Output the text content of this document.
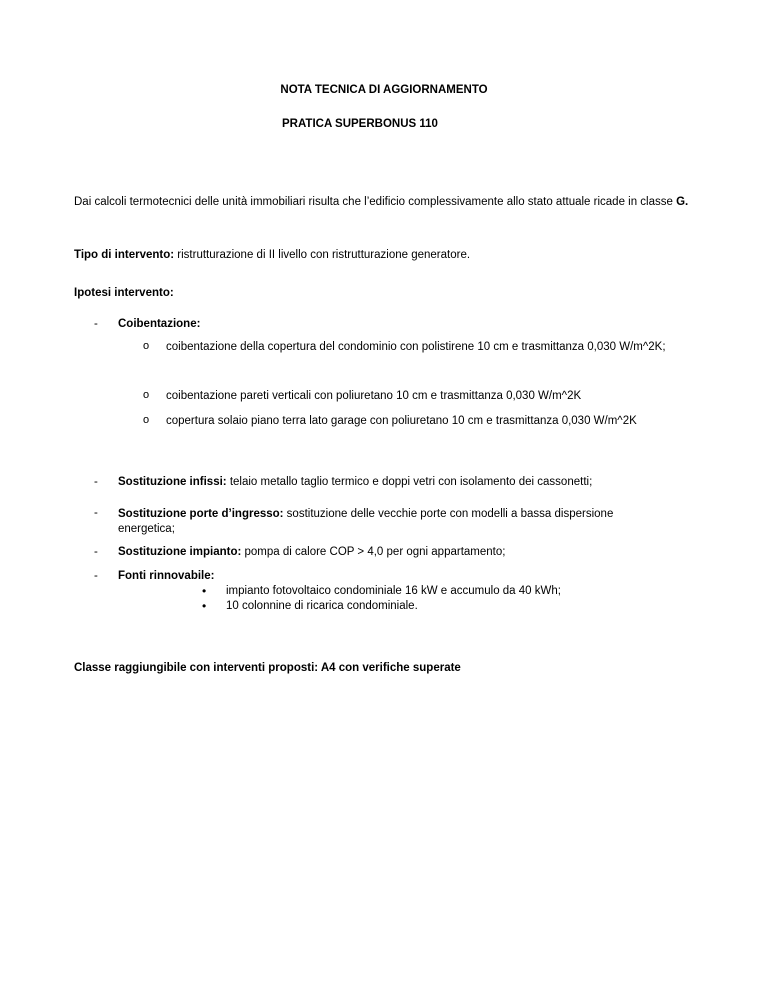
NOTA TECNICA DI AGGIORNAMENTO
PRATICA SUPERBONUS 110
Dai calcoli termotecnici delle unità immobiliari risulta che l’edificio complessivamente allo stato attuale ricade in classe G.
Tipo di intervento: ristrutturazione di II livello con ristrutturazione generatore.
Ipotesi intervento:
- Coibentazione:
o coibentazione della copertura del condominio con polistirene 10 cm e trasmittanza 0,030 W/m^2K;
o coibentazione pareti verticali con poliuretano 10 cm e trasmittanza 0,030 W/m^2K
o copertura solaio piano terra lato garage con poliuretano 10 cm e trasmittanza 0,030 W/m^2K
- Sostituzione infissi: telaio metallo taglio termico e doppi vetri con isolamento dei cassonetti;
- Sostituzione porte d’ingresso: sostituzione delle vecchie porte con modelli a bassa dispersione energetica;
- Sostituzione impianto: pompa di calore COP > 4,0 per ogni appartamento;
- Fonti rinnovabile:
• impianto fotovoltaico condominiale 16 kW e accumulo da 40 kWh;
• 10 colonnine di ricarica condominiale.
Classe raggiungibile con interventi proposti: A4 con verifiche superate
